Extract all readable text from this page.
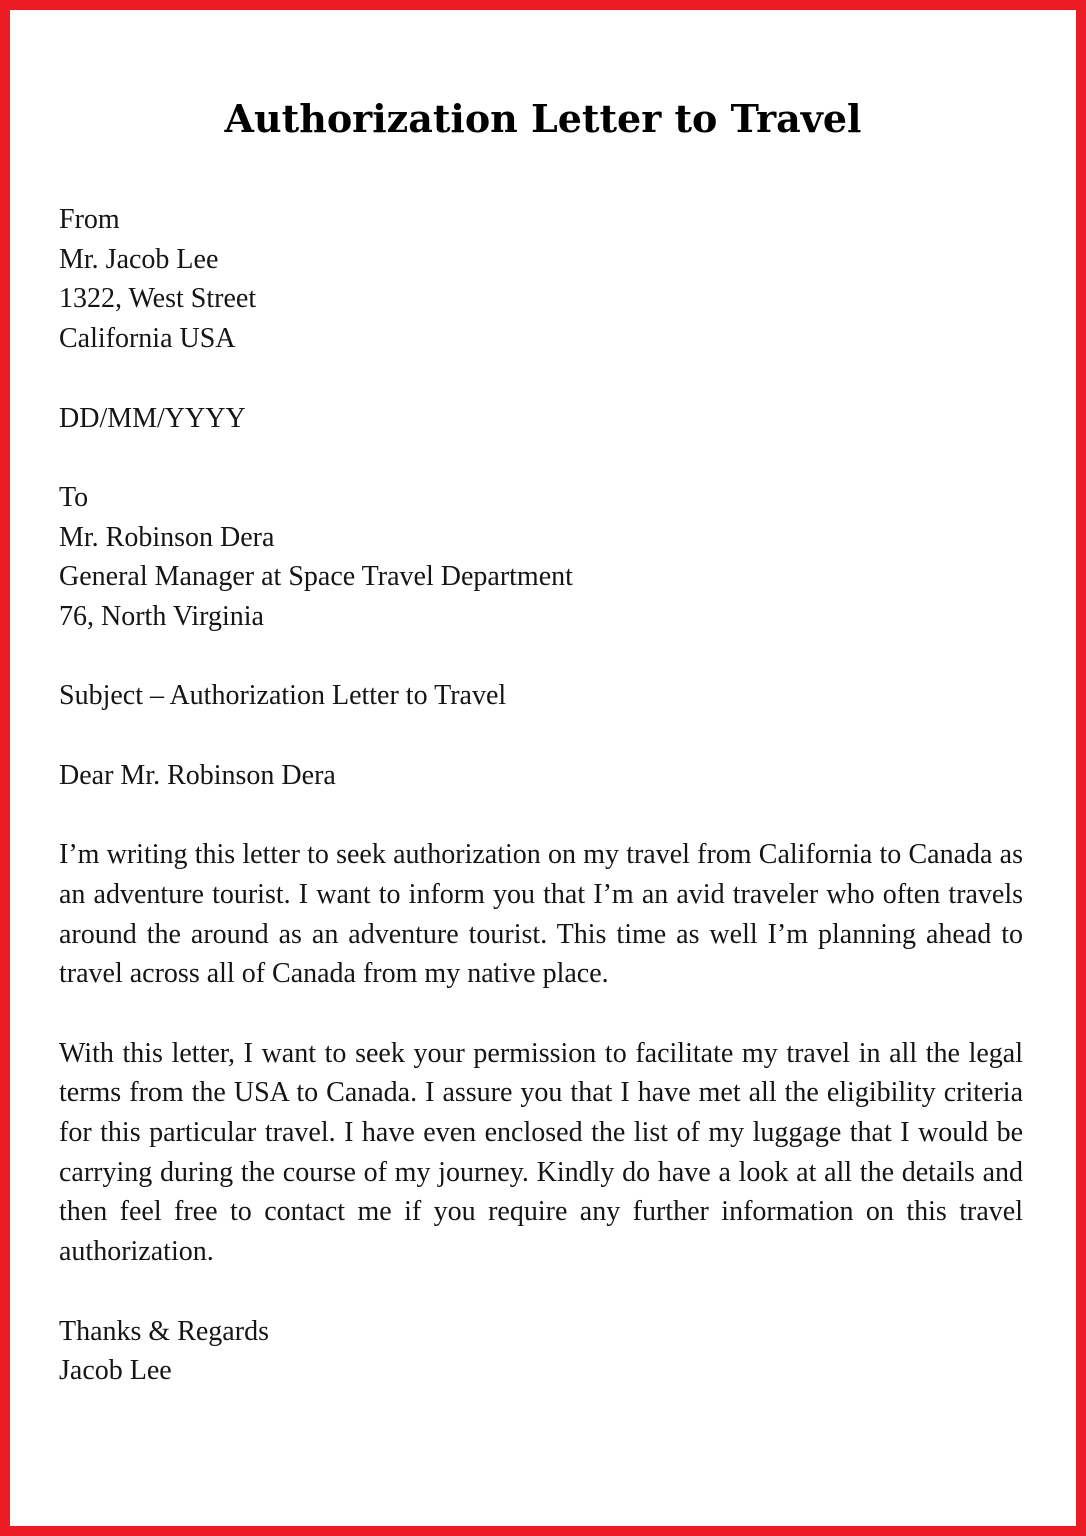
Authorization Letter to Travel
From
Mr. Jacob Lee
1322, West Street
California USA
DD/MM/YYYY
To
Mr. Robinson Dera
General Manager at Space Travel Department
76, North Virginia
Subject – Authorization Letter to Travel
Dear Mr. Robinson Dera

I’m writing this letter to seek authorization on my travel from California to Canada as an adventure tourist. I want to inform you that I’m an avid traveler who often travels around the around as an adventure tourist. This time as well I’m planning ahead to travel across all of Canada from my native place.

With this letter, I want to seek your permission to facilitate my travel in all the legal terms from the USA to Canada. I assure you that I have met all the eligibility criteria for this particular travel. I have even enclosed the list of my luggage that I would be carrying during the course of my journey. Kindly do have a look at all the details and then feel free to contact me if you require any further information on this travel authorization.

Thanks & Regards
Jacob Lee
